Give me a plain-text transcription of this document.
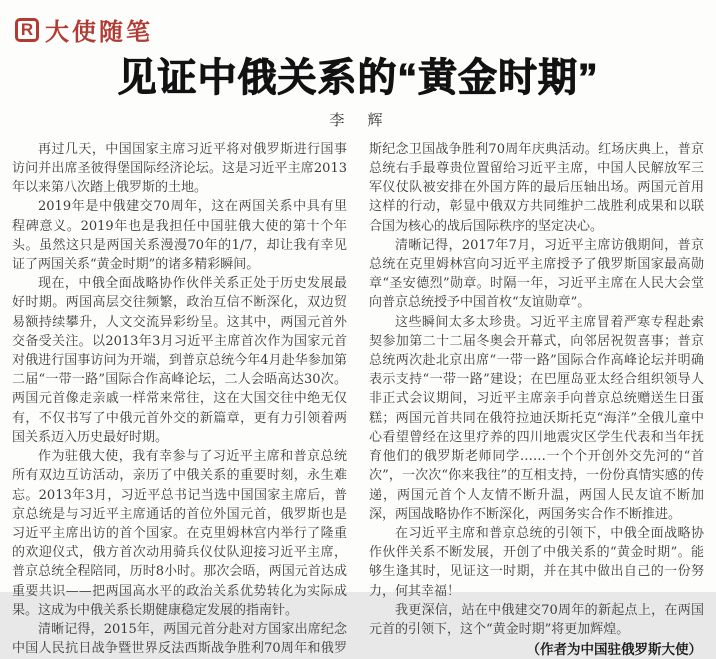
R 大使随笔
见证中俄关系的“黄金时期”
李　辉

再过几天，中国国家主席习近平将对俄罗斯进行国事访问并出席圣彼得堡国际经济论坛。这是习近平主席2013年以来第八次踏上俄罗斯的土地。

2019年是中俄建交70周年，这在两国关系中具有里程碑意义。2019年也是我担任中国驻俄大使的第十个年头。虽然这只是两国关系漫漫70年的1/7，却让我有幸见证了两国关系“黄金时期”的诸多精彩瞬间。

现在，中俄全面战略协作伙伴关系正处于历史发展最好时期。两国高层交往频繁，政治互信不断深化，双边贸易额持续攀升，人文交流异彩纷呈。这其中，两国元首外交备受关注。以2013年3月习近平主席首次作为国家元首对俄进行国事访问为开端，到普京总统今年4月赴华参加第二届“一带一路”国际合作高峰论坛，二人会晤高达30次。两国元首像走亲戚一样常来常往，这在大国交往中绝无仅有，不仅书写了中俄元首外交的新篇章，更有力引领着两国关系迈入历史最好时期。

作为驻俄大使，我有幸参与了习近平主席和普京总统所有双边互访活动，亲历了中俄关系的重要时刻，永生难忘。2013年3月，习近平总书记当选中国国家主席后，普京总统是与习近平主席通话的首位外国元首，俄罗斯也是习近平主席出访的首个国家。在克里姆林宫内举行了隆重的欢迎仪式，俄方首次动用骑兵仪仗队迎接习近平主席，普京总统全程陪同，历时8小时。那次会晤，两国元首达成重要共识——把两国高水平的政治关系优势转化为实际成果。这成为中俄关系长期健康稳定发展的指南针。

清晰记得，2015年，两国元首分赴对方国家出席纪念中国人民抗日战争暨世界反法西斯战争胜利70周年和俄罗斯纪念卫国战争胜利70周年庆典活动。红场庆典上，普京总统右手最尊贵位置留给习近平主席，中国人民解放军三军仪仗队被安排在外国方阵的最后压轴出场。两国元首用这样的行动，彰显中俄双方共同维护二战胜利成果和以联合国为核心的战后国际秩序的坚定决心。

清晰记得，2017年7月，习近平主席访俄期间，普京总统在克里姆林宫向习近平主席授予了俄罗斯国家最高勋章“圣安德烈”勋章。时隔一年，习近平主席在人民大会堂向普京总统授予中国首枚“友谊勋章”。

这些瞬间太多太珍贵。习近平主席冒着严寒专程赴索契参加第二十二届冬奥会开幕式，向邻居祝贺喜事；普京总统两次赴北京出席“一带一路”国际合作高峰论坛并明确表示支持“一带一路”建设；在巴厘岛亚太经合组织领导人非正式会议期间，习近平主席亲手向普京总统赠送生日蛋糕；两国元首共同在俄符拉迪沃斯托克“海洋”全俄儿童中心看望曾经在这里疗养的四川地震灾区学生代表和当年抚育他们的俄罗斯老师同学……一个个开创外交先河的“首次”，一次次“你来我往”的互相支持，一份份真情实感的传递，两国元首个人友情不断升温，两国人民友谊不断加深，两国战略协作不断深化，两国务实合作不断推进。

在习近平主席和普京总统的引领下，中俄全面战略协作伙伴关系不断发展，开创了中俄关系的“黄金时期”。能够生逢其时，见证这一时期，并在其中做出自己的一份努力，何其幸福！

我更深信，站在中俄建交70周年的新起点上，在两国元首的引领下，这个“黄金时期”将更加辉煌。

（作者为中国驻俄罗斯大使）
